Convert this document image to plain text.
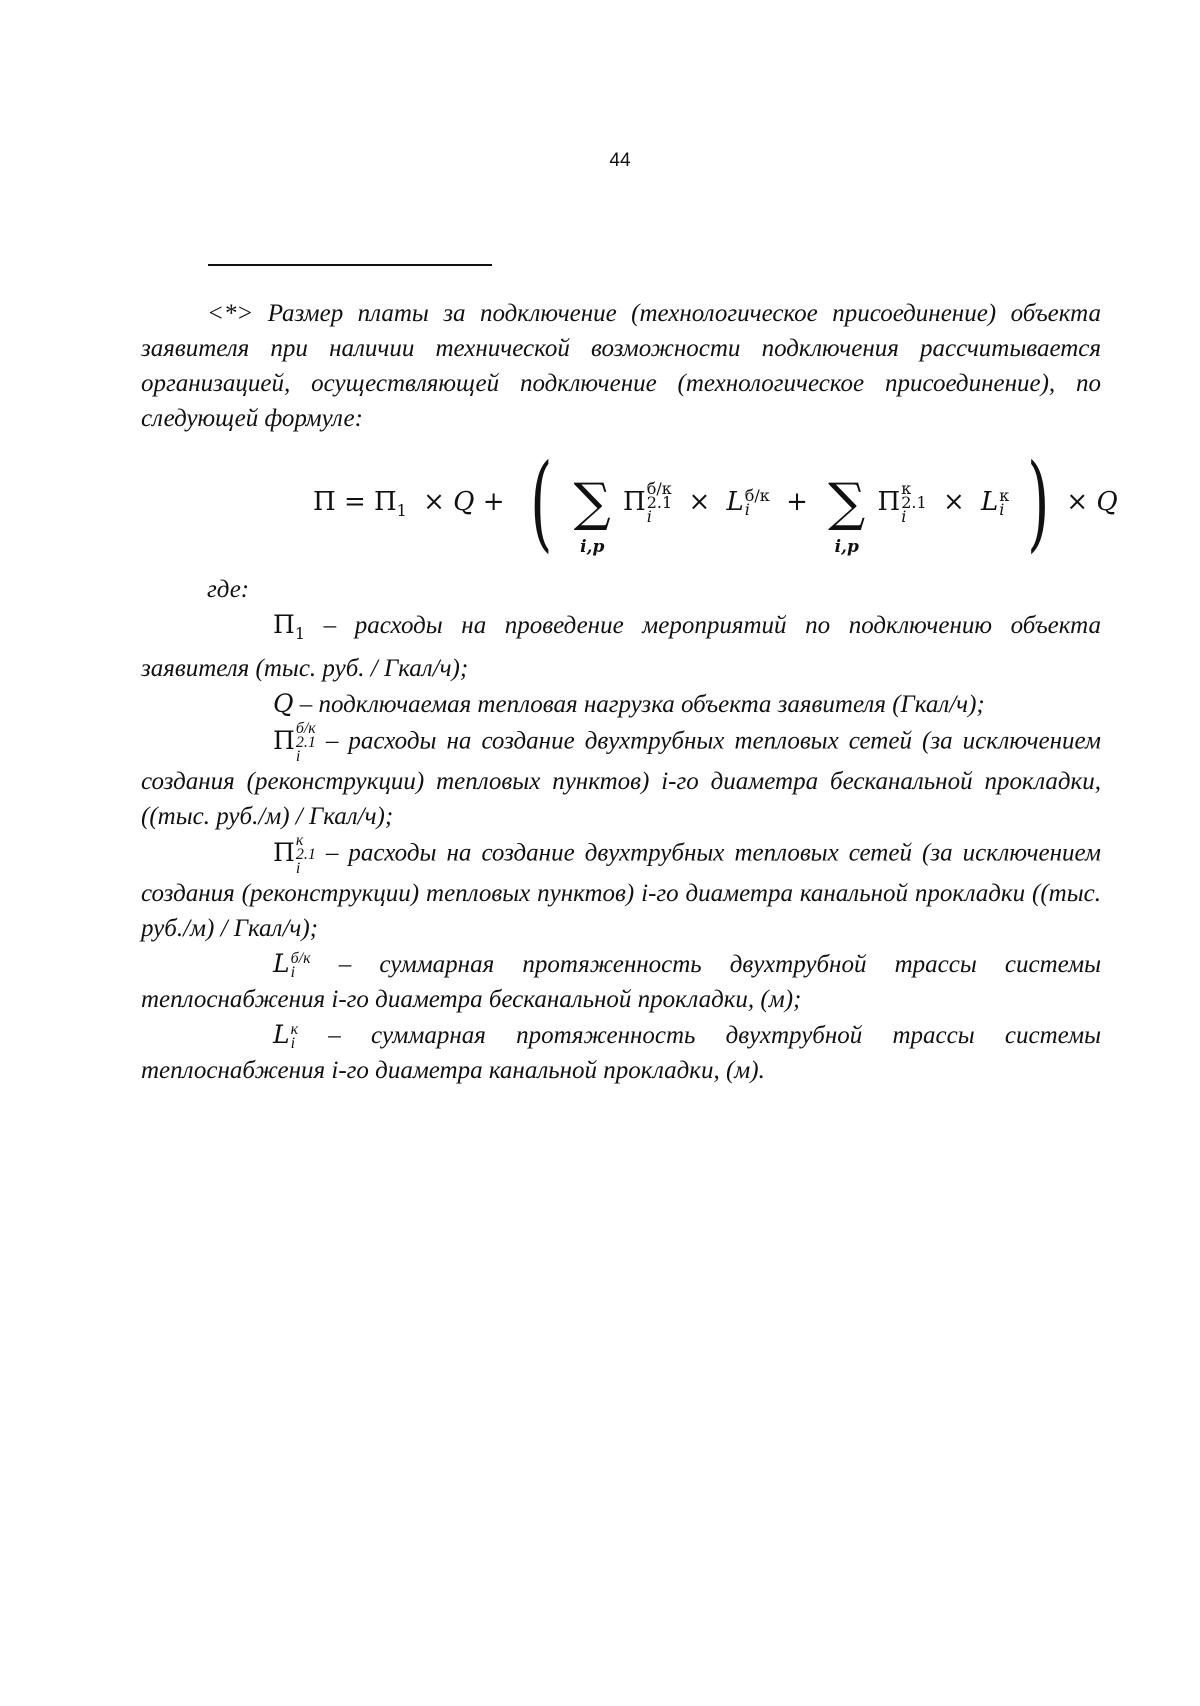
44

<*> Размер платы за подключение (технологическое присоединение) объекта заявителя при наличии технической возможности подключения рассчитывается организацией, осуществляющей подключение (технологическое присоединение), по следующей формуле:

$П = П_1 \times Q$ + ( ∑
i,p
П б/к
2.1
i	× L б/к
i + ∑
i,p
П к
2.1
i	× L к
i ) × Q

где:

$П_1$ – расходы на проведение мероприятий по подключению объекта заявителя (тыс. руб. / Гкал/ч);

Q – подключаемая тепловая нагрузка объекта заявителя (Гкал/ч);

П б/к
2.1
i
– расходы на создание двухтрубных тепловых сетей (за исключением создания (реконструкции) тепловых пунктов) i-го диаметра бесканальной прокладки, ((тыс. руб./м) / Гкал/ч);

П к
2.1
i
– расходы на создание двухтрубных тепловых сетей (за исключением создания (реконструкции) тепловых пунктов) i-го диаметра канальной прокладки ((тыс. руб./м) / Гкал/ч);

L б/к
i – суммарная протяженность двухтрубной трассы системы теплоснабжения i-го диаметра бесканальной прокладки, (м);

L к
i – суммарная протяженность двухтрубной трассы системы теплоснабжения i-го диаметра канальной прокладки, (м).
